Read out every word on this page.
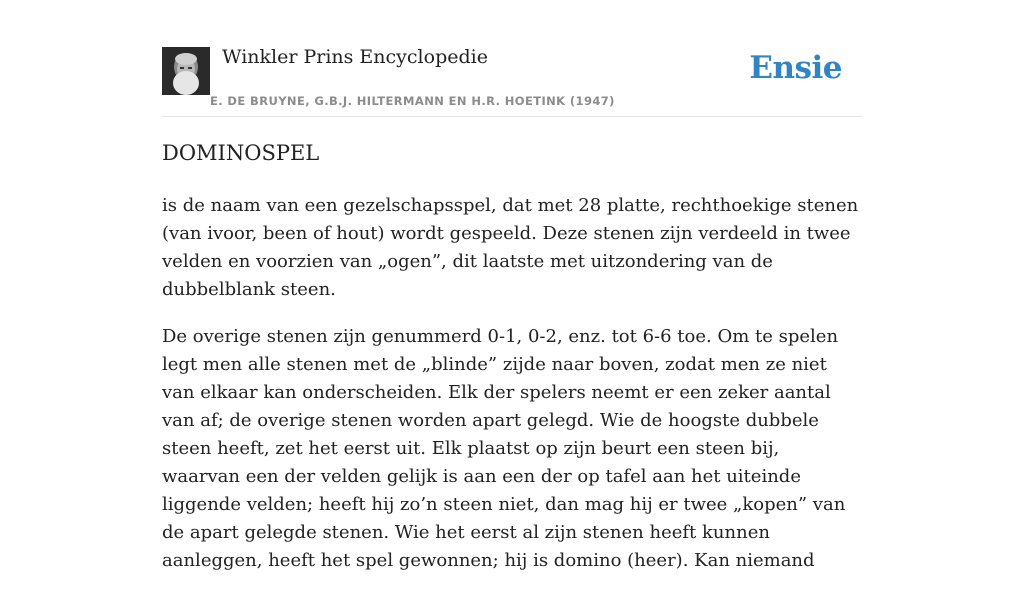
Winkler Prins Encyclopedie
E. DE BRUYNE, G.B.J. HILTERMANN EN H.R. HOETINK (1947)
Ensie
DOMINOSPEL

is de naam van een gezelschapsspel, dat met 28 platte, rechthoekige stenen (van ivoor, been of hout) wordt gespeeld. Deze stenen zijn verdeeld in twee velden en voorzien van „ogen”, dit laatste met uitzondering van de dubbelblank steen.

De overige stenen zijn genummerd 0-1, 0-2, enz. tot 6-6 toe. Om te spelen legt men alle stenen met de „blinde” zijde naar boven, zodat men ze niet van elkaar kan onderscheiden. Elk der spelers neemt er een zeker aantal van af; de overige stenen worden apart gelegd. Wie de hoogste dubbele steen heeft, zet het eerst uit. Elk plaatst op zijn beurt een steen bij, waarvan een der velden gelijk is aan een der op tafel aan het uiteinde liggende velden; heeft hij zo’n steen niet, dan mag hij er twee „kopen” van de apart gelegde stenen. Wie het eerst al zijn stenen heeft kunnen aanleggen, heeft het spel gewonnen; hij is domino (heer). Kan niemand
